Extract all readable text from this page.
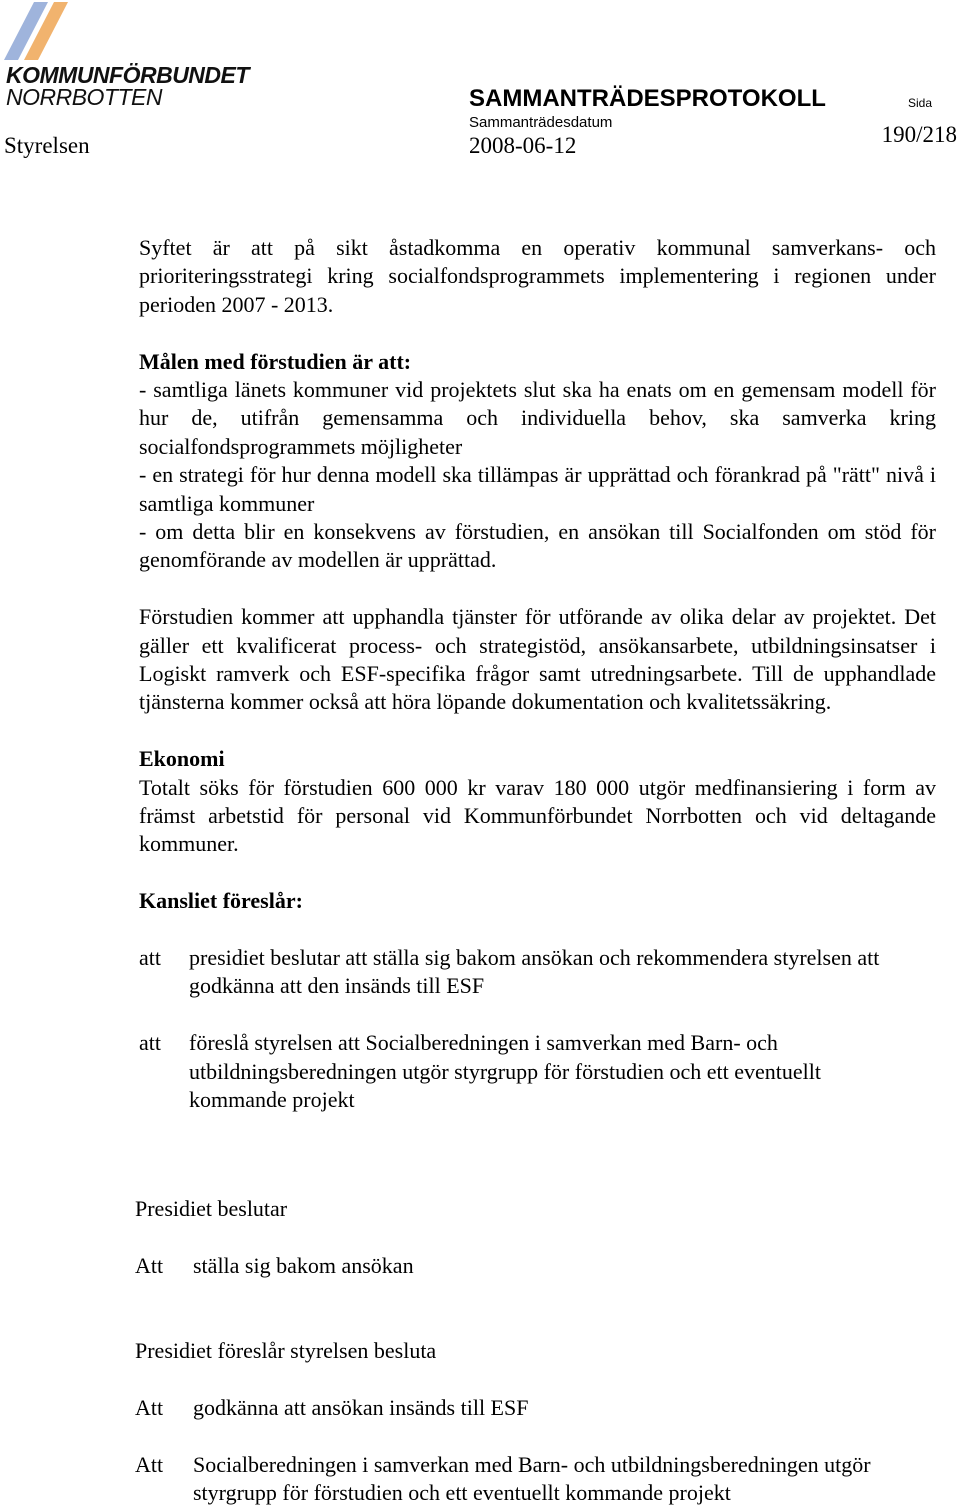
KOMMUNFÖRBUNDET
NORRBOTTEN
Styrelsen
SAMMANTRÄDESPROTOKOLL
Sammanträdesdatum
2008-06-12
Sida
190/218

Syftet är att på sikt åstadkomma en operativ kommunal samverkans- och prioriteringsstrategi kring socialfondsprogrammets implementering i regionen under perioden 2007 - 2013.

Målen med förstudien är att:

- samtliga länets kommuner vid projektets slut ska ha enats om en gemensam modell för hur de, utifrån gemensamma och individuella behov, ska samverka kring socialfondsprogrammets möjligheter

- en strategi för hur denna modell ska tillämpas är upprättad och förankrad på "rätt" nivå i samtliga kommuner

- om detta blir en konsekvens av förstudien, en ansökan till Socialfonden om stöd för genomförande av modellen är upprättad.

Förstudien kommer att upphandla tjänster för utförande av olika delar av projektet. Det gäller ett kvalificerat process- och strategistöd, ansökansarbete, utbildningsinsatser i Logiskt ramverk och ESF-specifika frågor samt utredningsarbete. Till de upphandlade tjänsterna kommer också att höra löpande dokumentation och kvalitetssäkring.

Ekonomi

Totalt söks för förstudien 600 000 kr varav 180 000 utgör medfinansiering i form av främst arbetstid för personal vid Kommunförbundet Norrbotten och vid deltagande kommuner.

Kansliet föreslår:

att	presidiet beslutar att ställa sig bakom ansökan och rekommendera styrelsen att godkänna att den insänds till ESF
att	föreslå styrelsen att Socialberedningen i samverkan med Barn- och utbildningsberedningen utgör styrgrupp för förstudien och ett eventuellt kommande projekt

Presidiet beslutar

Att	ställa sig bakom ansökan

Presidiet föreslår styrelsen besluta

Att	godkänna att ansökan insänds till ESF
Att	Socialberedningen i samverkan med Barn- och utbildningsberedningen utgör styrgrupp för förstudien och ett eventuellt kommande projekt
